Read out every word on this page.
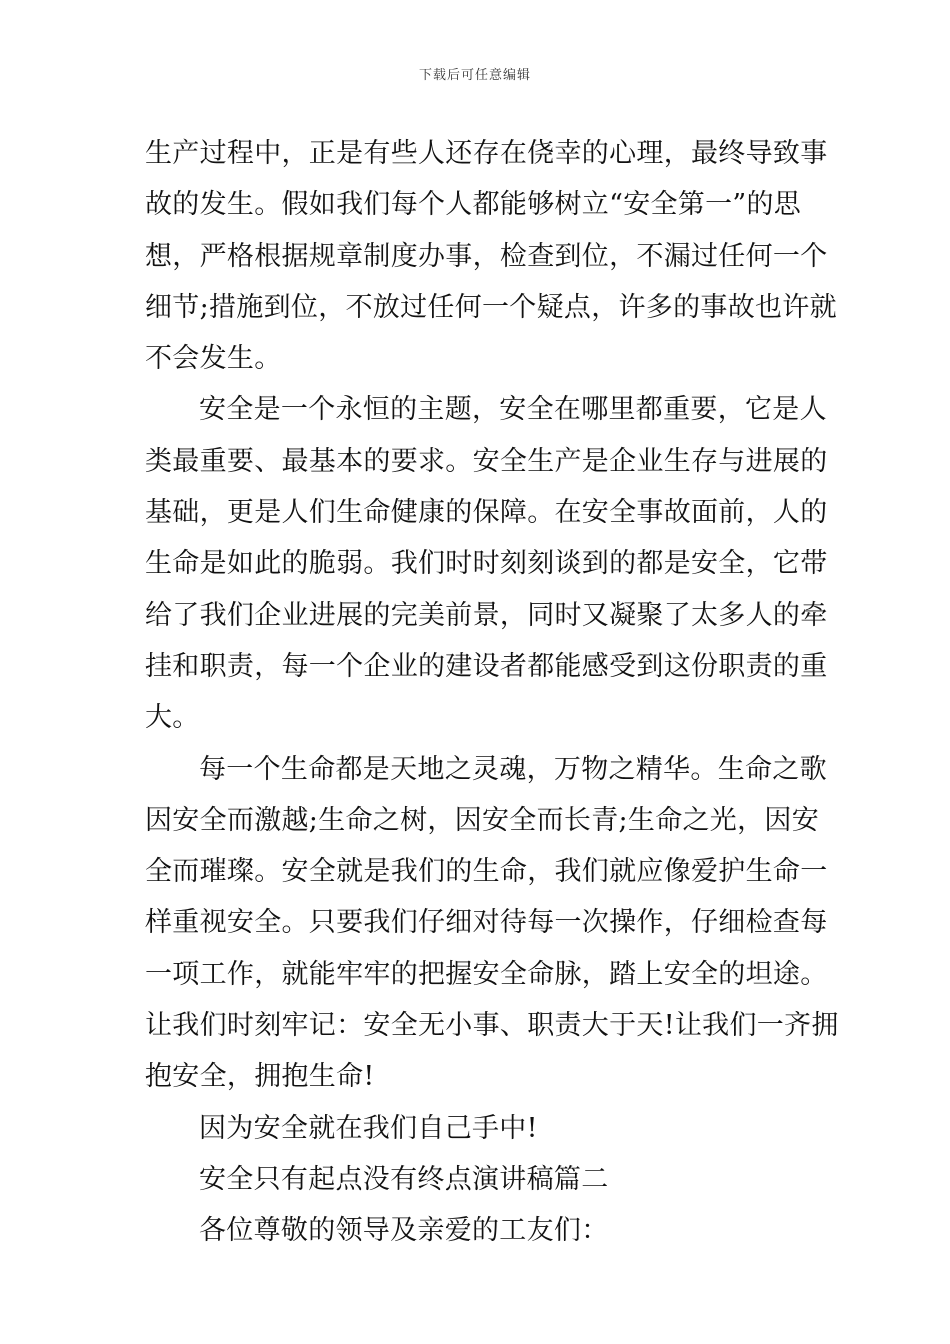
下载后可任意编辑
生产过程中，正是有些人还存在侥幸的心理，最终导致事
故的发生。假如我们每个人都能够树立“安全第一”的思
想，严格根据规章制度办事，检查到位，不漏过任何一个
细节;措施到位，不放过任何一个疑点，许多的事故也许就
不会发生。
安全是一个永恒的主题，安全在哪里都重要，它是人
类最重要、最基本的要求。安全生产是企业生存与进展的
基础，更是人们生命健康的保障。在安全事故面前，人的
生命是如此的脆弱。我们时时刻刻谈到的都是安全，它带
给了我们企业进展的完美前景，同时又凝聚了太多人的牵
挂和职责，每一个企业的建设者都能感受到这份职责的重
大。
每一个生命都是天地之灵魂，万物之精华。生命之歌
因安全而激越;生命之树，因安全而长青;生命之光，因安
全而璀璨。安全就是我们的生命，我们就应像爱护生命一
样重视安全。只要我们仔细对待每一次操作，仔细检查每
一项工作，就能牢牢的把握安全命脉，踏上安全的坦途。
让我们时刻牢记：安全无小事、职责大于天!让我们一齐拥
抱安全，拥抱生命!
因为安全就在我们自己手中!
安全只有起点没有终点演讲稿篇二
各位尊敬的领导及亲爱的工友们：
